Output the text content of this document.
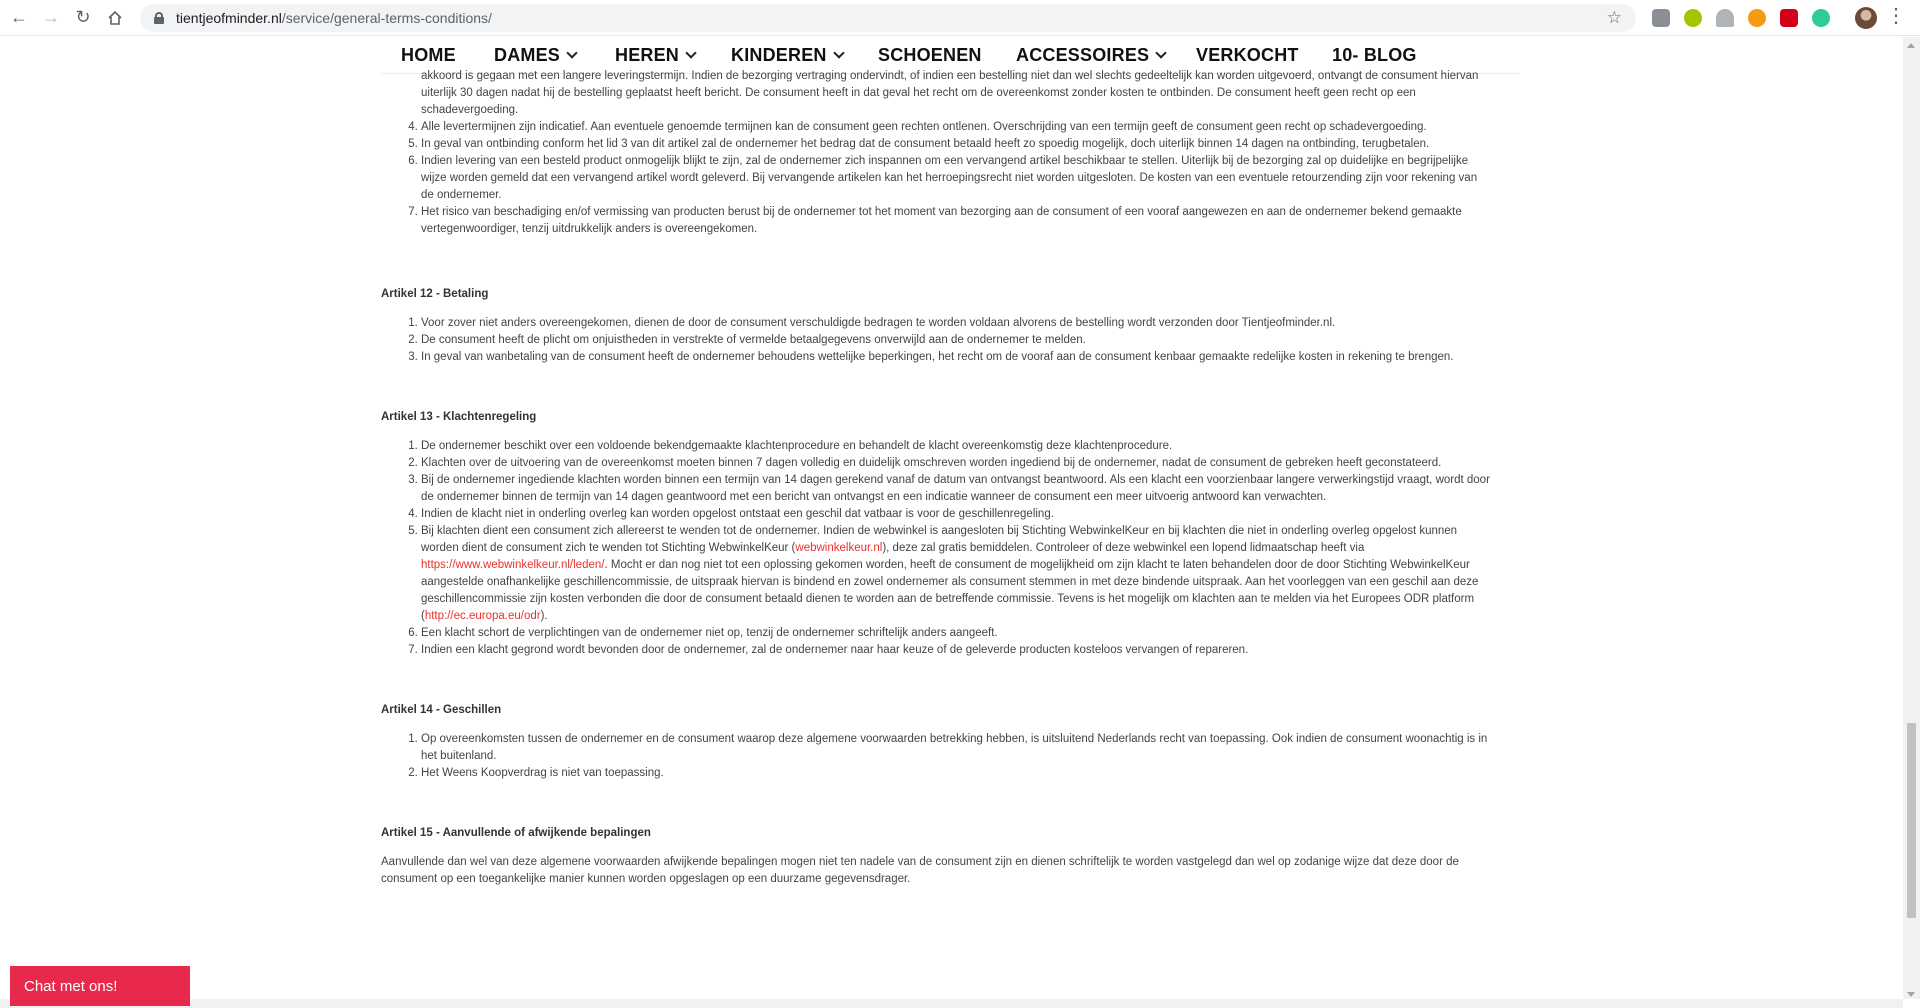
← → ↻	tientjeofminder.nl /service/general-terms-conditions/	☆	⋮
HOME DAMES	HEREN	KINDEREN	SCHOENEN ACCESSOIRES	VERKOCHT 10- BLOG
akkoord is gegaan met een langere leveringstermijn. Indien de bezorging vertraging ondervindt, of indien een bestelling niet dan wel slechts gedeeltelijk kan worden uitgevoerd, ontvangt de consument hiervan uiterlijk 30 dagen nadat hij de bestelling geplaatst heeft bericht. De consument heeft in dat geval het recht om de overeenkomst zonder kosten te ontbinden. De consument heeft geen recht op een schadevergoeding.
4. Alle levertermijnen zijn indicatief. Aan eventuele genoemde termijnen kan de consument geen rechten ontlenen. Overschrijding van een termijn geeft de consument geen recht op schadevergoeding.
5. In geval van ontbinding conform het lid 3 van dit artikel zal de ondernemer het bedrag dat de consument betaald heeft zo spoedig mogelijk, doch uiterlijk binnen 14 dagen na ontbinding, terugbetalen.
6. Indien levering van een besteld product onmogelijk blijkt te zijn, zal de ondernemer zich inspannen om een vervangend artikel beschikbaar te stellen. Uiterlijk bij de bezorging zal op duidelijke en begrijpelijke wijze worden gemeld dat een vervangend artikel wordt geleverd. Bij vervangende artikelen kan het herroepingsrecht niet worden uitgesloten. De kosten van een eventuele retourzending zijn voor rekening van de ondernemer.
7. Het risico van beschadiging en/of vermissing van producten berust bij de ondernemer tot het moment van bezorging aan de consument of een vooraf aangewezen en aan de ondernemer bekend gemaakte vertegenwoordiger, tenzij uitdrukkelijk anders is overeengekomen.
Artikel 12 - Betaling
1. Voor zover niet anders overeengekomen, dienen de door de consument verschuldigde bedragen te worden voldaan alvorens de bestelling wordt verzonden door Tientjeofminder.nl.
2. De consument heeft de plicht om onjuistheden in verstrekte of vermelde betaalgegevens onverwijld aan de ondernemer te melden.
3. In geval van wanbetaling van de consument heeft de ondernemer behoudens wettelijke beperkingen, het recht om de vooraf aan de consument kenbaar gemaakte redelijke kosten in rekening te brengen.
Artikel 13 - Klachtenregeling
1. De ondernemer beschikt over een voldoende bekendgemaakte klachtenprocedure en behandelt de klacht overeenkomstig deze klachtenprocedure.
2. Klachten over de uitvoering van de overeenkomst moeten binnen 7 dagen volledig en duidelijk omschreven worden ingediend bij de ondernemer, nadat de consument de gebreken heeft geconstateerd.
3. Bij de ondernemer ingediende klachten worden binnen een termijn van 14 dagen gerekend vanaf de datum van ontvangst beantwoord. Als een klacht een voorzienbaar langere verwerkingstijd vraagt, wordt door de ondernemer binnen de termijn van 14 dagen geantwoord met een bericht van ontvangst en een indicatie wanneer de consument een meer uitvoerig antwoord kan verwachten.
4. Indien de klacht niet in onderling overleg kan worden opgelost ontstaat een geschil dat vatbaar is voor de geschillenregeling.
5. Bij klachten dient een consument zich allereerst te wenden tot de ondernemer. Indien de webwinkel is aangesloten bij Stichting WebwinkelKeur en bij klachten die niet in onderling overleg opgelost kunnen worden dient de consument zich te wenden tot Stichting WebwinkelKeur (webwinkelkeur.nl), deze zal gratis bemiddelen. Controleer of deze webwinkel een lopend lidmaatschap heeft via https://www.webwinkelkeur.nl/leden/. Mocht er dan nog niet tot een oplossing gekomen worden, heeft de consument de mogelijkheid om zijn klacht te laten behandelen door de door Stichting WebwinkelKeur aangestelde onafhankelijke geschillencommissie, de uitspraak hiervan is bindend en zowel ondernemer als consument stemmen in met deze bindende uitspraak. Aan het voorleggen van een geschil aan deze geschillencommissie zijn kosten verbonden die door de consument betaald dienen te worden aan de betreffende commissie. Tevens is het mogelijk om klachten aan te melden via het Europees ODR platform (http://ec.europa.eu/odr).
6. Een klacht schort de verplichtingen van de ondernemer niet op, tenzij de ondernemer schriftelijk anders aangeeft.
7. Indien een klacht gegrond wordt bevonden door de ondernemer, zal de ondernemer naar haar keuze of de geleverde producten kosteloos vervangen of repareren.
Artikel 14 - Geschillen
1. Op overeenkomsten tussen de ondernemer en de consument waarop deze algemene voorwaarden betrekking hebben, is uitsluitend Nederlands recht van toepassing. Ook indien de consument woonachtig is in het buitenland.
2. Het Weens Koopverdrag is niet van toepassing.
Artikel 15 - Aanvullende of afwijkende bepalingen

Aanvullende dan wel van deze algemene voorwaarden afwijkende bepalingen mogen niet ten nadele van de consument zijn en dienen schriftelijk te worden vastgelegd dan wel op zodanige wijze dat deze door de consument op een toegankelijke manier kunnen worden opgeslagen op een duurzame gegevensdrager.

Chat met ons!
